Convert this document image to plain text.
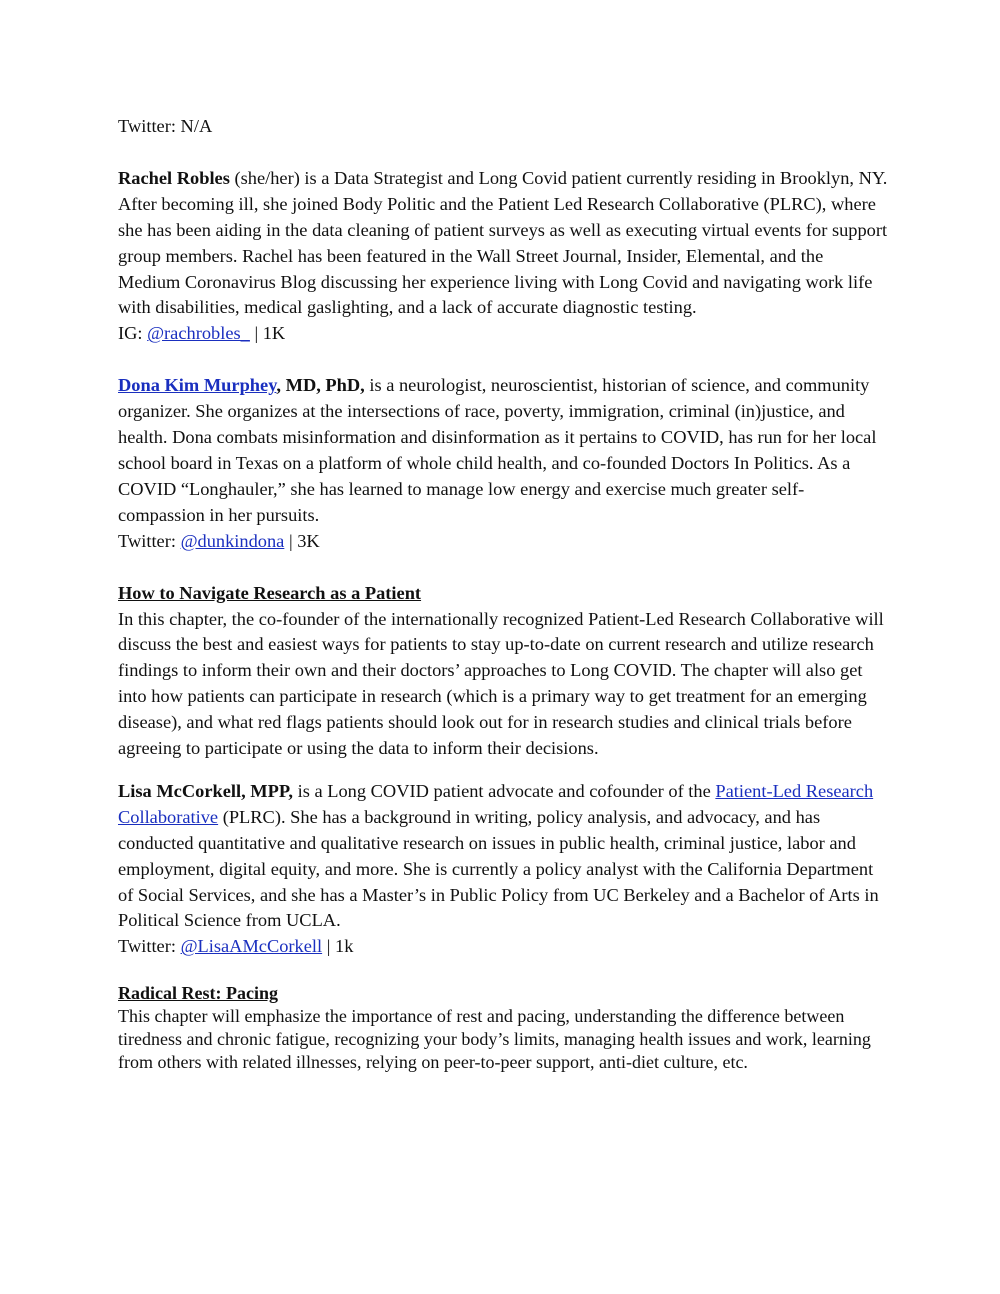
Twitter: N/A

Rachel Robles (she/her) is a Data Strategist and Long Covid patient currently residing in Brooklyn, NY. After becoming ill, she joined Body Politic and the Patient Led Research Collaborative (PLRC), where she has been aiding in the data cleaning of patient surveys as well as executing virtual events for support group members. Rachel has been featured in the Wall Street Journal, Insider, Elemental, and the Medium Coronavirus Blog discussing her experience living with Long Covid and navigating work life with disabilities, medical gaslighting, and a lack of accurate diagnostic testing.

IG: @rachrobles_ | 1K

Dona Kim Murphey, MD, PhD, is a neurologist, neuroscientist, historian of science, and community organizer. She organizes at the intersections of race, poverty, immigration, criminal (in)justice, and health. Dona combats misinformation and disinformation as it pertains to COVID, has run for her local school board in Texas on a platform of whole child health, and co-founded Doctors In Politics. As a COVID “Longhauler,” she has learned to manage low energy and exercise much greater self-compassion in her pursuits.

Twitter: @dunkindona | 3K

How to Navigate Research as a Patient

In this chapter, the co-founder of the internationally recognized Patient-Led Research Collaborative will discuss the best and easiest ways for patients to stay up-to-date on current research and utilize research findings to inform their own and their doctors’ approaches to Long COVID. The chapter will also get into how patients can participate in research (which is a primary way to get treatment for an emerging disease), and what red flags patients should look out for in research studies and clinical trials before agreeing to participate or using the data to inform their decisions.

Lisa McCorkell, MPP, is a Long COVID patient advocate and cofounder of the Patient-Led Research Collaborative (PLRC). She has a background in writing, policy analysis, and advocacy, and has conducted quantitative and qualitative research on issues in public health, criminal justice, labor and employment, digital equity, and more. She is currently a policy analyst with the California Department of Social Services, and she has a Master’s in Public Policy from UC Berkeley and a Bachelor of Arts in Political Science from UCLA.

Twitter: @LisaAMcCorkell | 1k

Radical Rest: Pacing

This chapter will emphasize the importance of rest and pacing, understanding the difference between tiredness and chronic fatigue, recognizing your body’s limits, managing health issues and work, learning from others with related illnesses, relying on peer-to-peer support, anti-diet culture, etc.
